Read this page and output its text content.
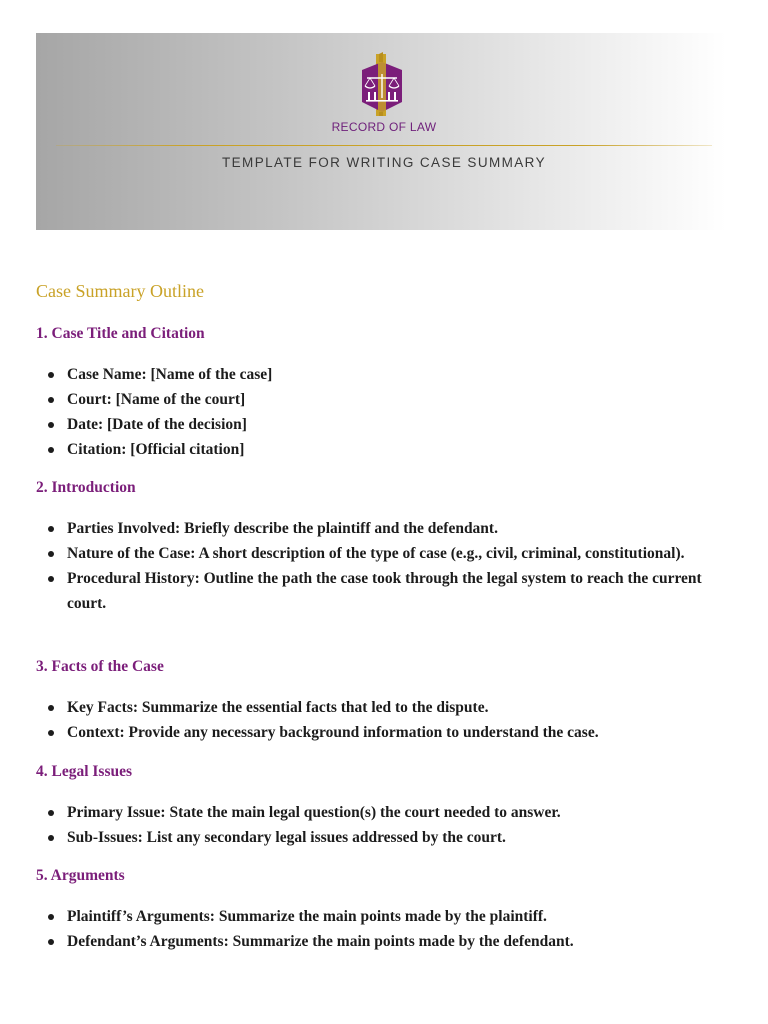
RECORD OF LAW
TEMPLATE FOR WRITING CASE SUMMARY
Case Summary Outline
1. Case Title and Citation
Case Name: [Name of the case]
Court: [Name of the court]
Date: [Date of the decision]
Citation: [Official citation]
2. Introduction
Parties Involved: Briefly describe the plaintiff and the defendant.
Nature of the Case: A short description of the type of case (e.g., civil, criminal, constitutional).
Procedural History: Outline the path the case took through the legal system to reach the current court.
3. Facts of the Case
Key Facts: Summarize the essential facts that led to the dispute.
Context: Provide any necessary background information to understand the case.
4. Legal Issues
Primary Issue: State the main legal question(s) the court needed to answer.
Sub-Issues: List any secondary legal issues addressed by the court.
5. Arguments
Plaintiff’s Arguments: Summarize the main points made by the plaintiff.
Defendant’s Arguments: Summarize the main points made by the defendant.
